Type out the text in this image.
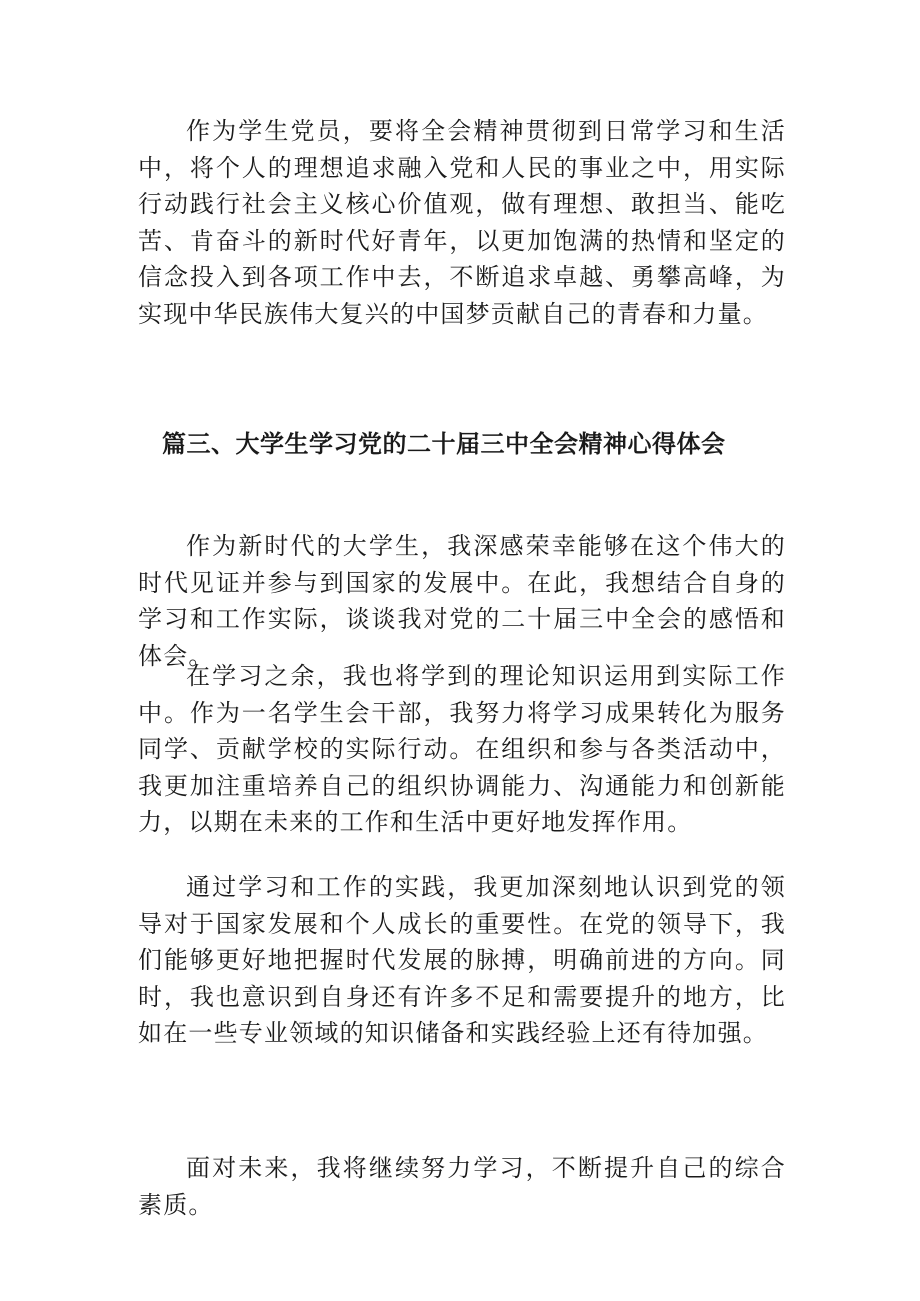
作为学生党员，要将全会精神贯彻到日常学习和生活中，将个人的理想追求融入党和人民的事业之中，用实际行动践行社会主义核心价值观，做有理想、敢担当、能吃苦、肯奋斗的新时代好青年，以更加饱满的热情和坚定的信念投入到各项工作中去，不断追求卓越、勇攀高峰，为实现中华民族伟大复兴的中国梦贡献自己的青春和力量。

篇三、大学生学习党的二十届三中全会精神心得体会

作为新时代的大学生，我深感荣幸能够在这个伟大的时代见证并参与到国家的发展中。在此，我想结合自身的学习和工作实际，谈谈我对党的二十届三中全会的感悟和体会。

在学习之余，我也将学到的理论知识运用到实际工作中。作为一名学生会干部，我努力将学习成果转化为服务同学、贡献学校的实际行动。在组织和参与各类活动中，我更加注重培养自己的组织协调能力、沟通能力和创新能力，以期在未来的工作和生活中更好地发挥作用。

通过学习和工作的实践，我更加深刻地认识到党的领导对于国家发展和个人成长的重要性。在党的领导下，我们能够更好地把握时代发展的脉搏，明确前进的方向。同时，我也意识到自身还有许多不足和需要提升的地方，比如在一些专业领域的知识储备和实践经验上还有待加强。

面对未来，我将继续努力学习，不断提升自己的综合素质。
